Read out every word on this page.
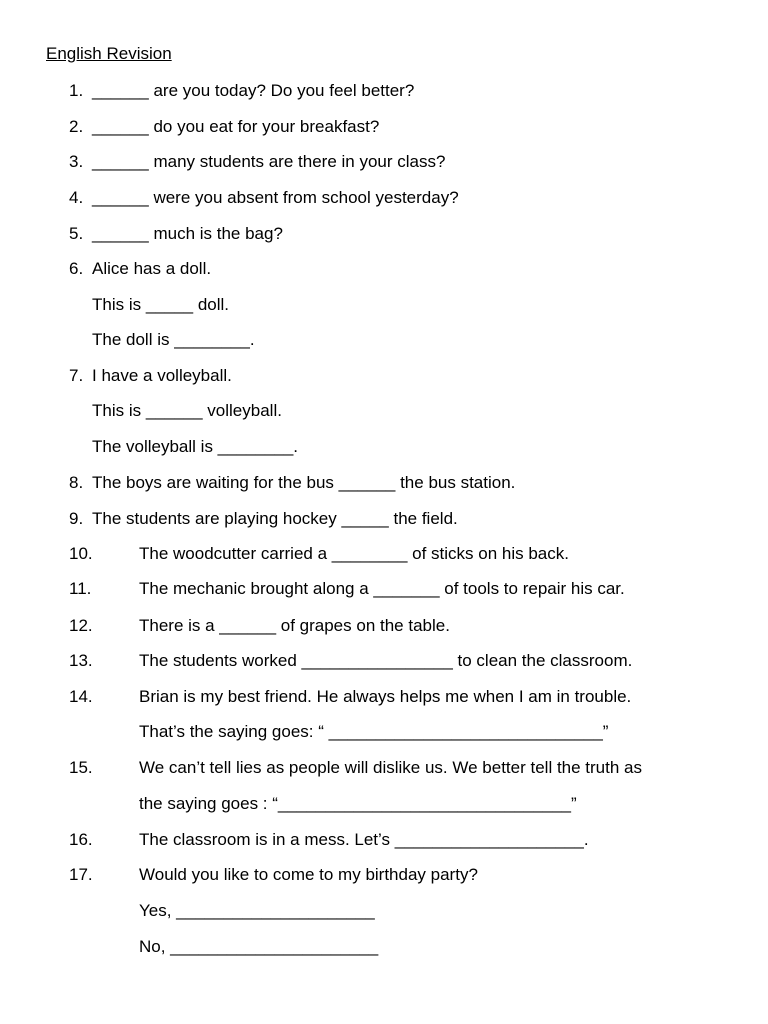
English Revision
1. ______ are you today? Do you feel better?
2. ______ do you eat for your breakfast?
3. ______ many students are there in your class?
4. ______ were you absent from school yesterday?
5. ______ much is the bag?
6. Alice has a doll.
This is _____ doll.
The doll is ________.
7. I have a volleyball.
This is ______ volleyball.
The volleyball is ________.
8. The boys are waiting for the bus ______ the bus station.
9. The students are playing hockey _____ the field.
10.	The woodcutter carried a ________ of sticks on his back.
11.	The mechanic brought along a _______ of tools to repair his car.
12.	There is a ______ of grapes on the table.
13.	The students worked ________________ to clean the classroom.
14.	Brian is my best friend. He always helps me when I am in trouble.
That’s the saying goes: “ _____________________________”
15.	We can’t tell lies as people will dislike us. We better tell the truth as
the saying goes : “_______________________________”
16.	The classroom is in a mess. Let’s ____________________.
17.	Would you like to come to my birthday party?
Yes, _____________________
No, ______________________
